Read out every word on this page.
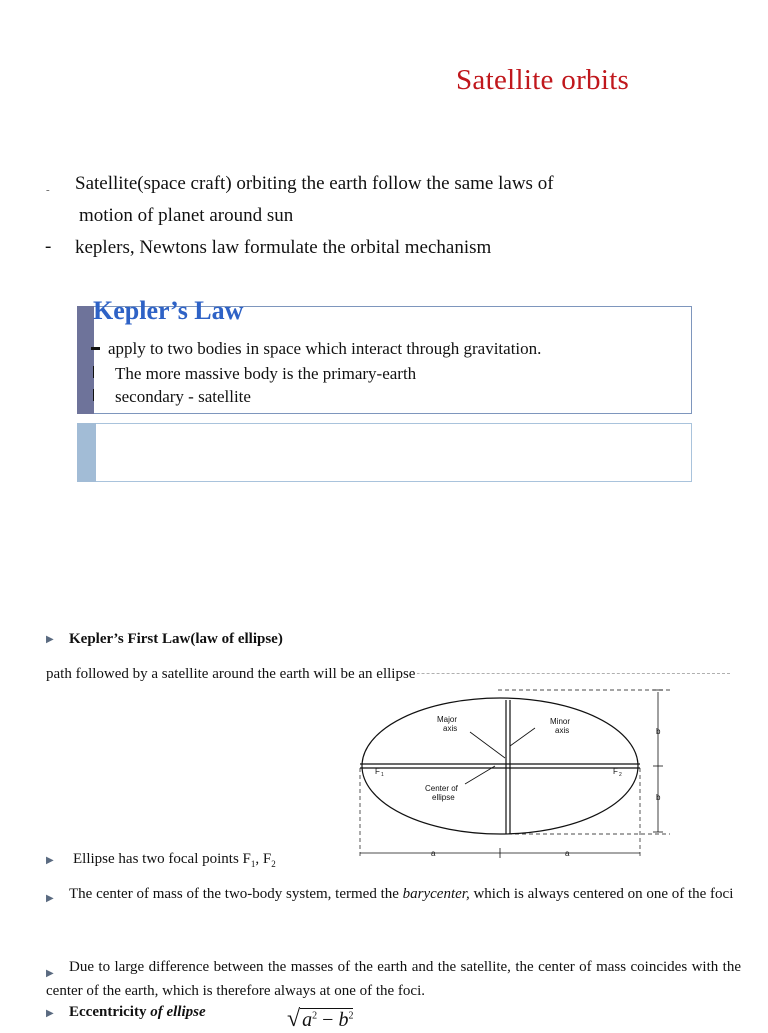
Satellite orbits
- Satellite(space craft) orbiting the earth follow the same laws of
motion of planet around sun
- keplers, Newtons law formulate the orbital mechanism
Kepler’s Law
apply to two bodies in space which interact through gravitation.
The more massive body is the primary-earth
secondary - satellite
▶ Kepler’s First Law(law of ellipse)
path followed by a satellite around the earth will be an ellipse
Major
axis
Minor
axis
Center of
ellipse
F 1	F 2
a	a
b
b
▶ Ellipse has two focal points $F_1$, $F_2$
▶ The center of mass of the two-body system, termed the barycenter, which is always centered on one of the foci
▶ Due to large difference between the masses of the earth and the satellite, the center of mass coincides with the center of the earth, which is therefore always at one of the foci.
▶ Eccentricity of ellipse	√ $a^2 - b^2$
